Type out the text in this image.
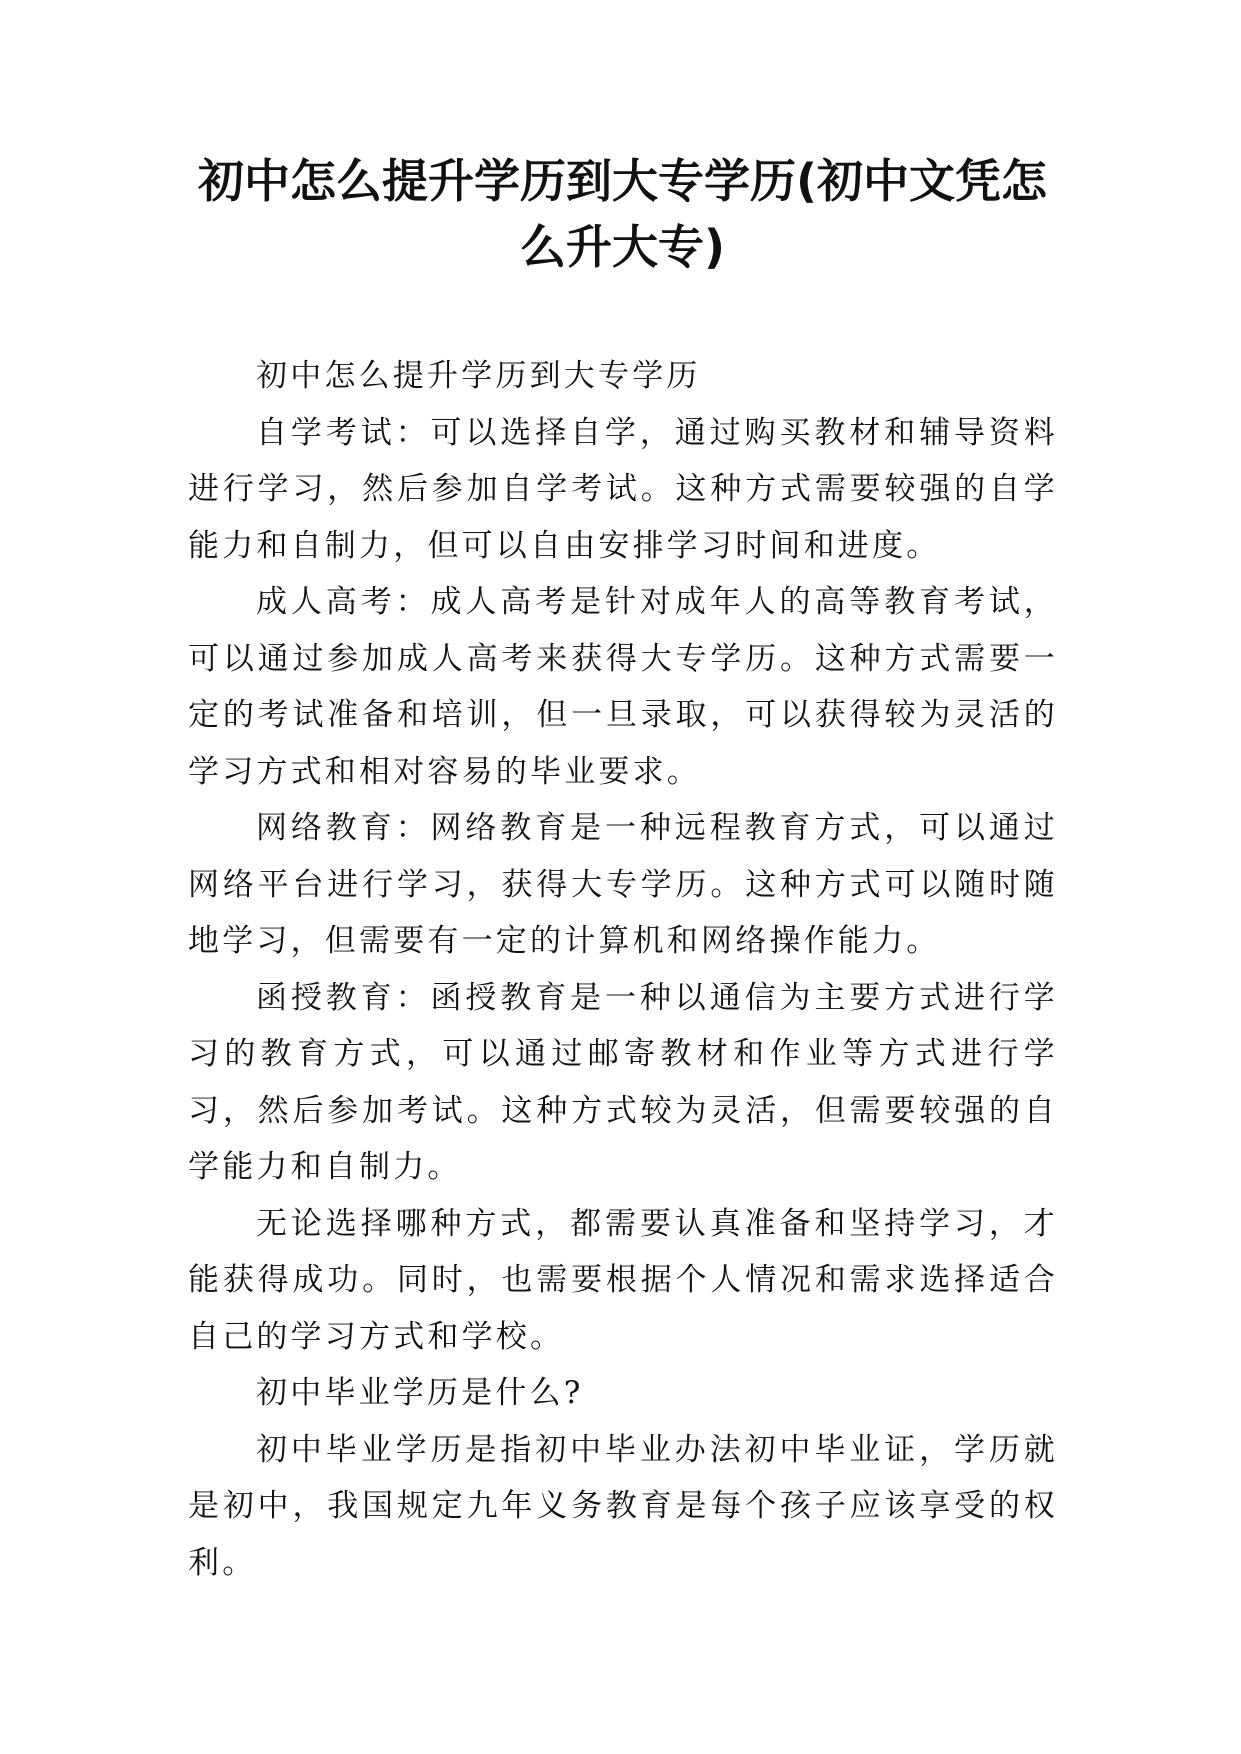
初中怎么提升学历到大专学历(初中文凭怎
么升大专)

初中怎么提升学历到大专学历

自学考试：可以选择自学，通过购买教材和辅导资料进行学习，然后参加自学考试。这种方式需要较强的自学能力和自制力，但可以自由安排学习时间和进度。

成人高考：成人高考是针对成年人的高等教育考试，可以通过参加成人高考来获得大专学历。这种方式需要一定的考试准备和培训，但一旦录取，可以获得较为灵活的学习方式和相对容易的毕业要求。

网络教育：网络教育是一种远程教育方式，可以通过网络平台进行学习，获得大专学历。这种方式可以随时随地学习，但需要有一定的计算机和网络操作能力。

函授教育：函授教育是一种以通信为主要方式进行学习的教育方式，可以通过邮寄教材和作业等方式进行学习，然后参加考试。这种方式较为灵活，但需要较强的自学能力和自制力。

无论选择哪种方式，都需要认真准备和坚持学习，才能获得成功。同时，也需要根据个人情况和需求选择适合自己的学习方式和学校。

初中毕业学历是什么?

初中毕业学历是指初中毕业办法初中毕业证，学历就是初中，我国规定九年义务教育是每个孩子应该享受的权利。
